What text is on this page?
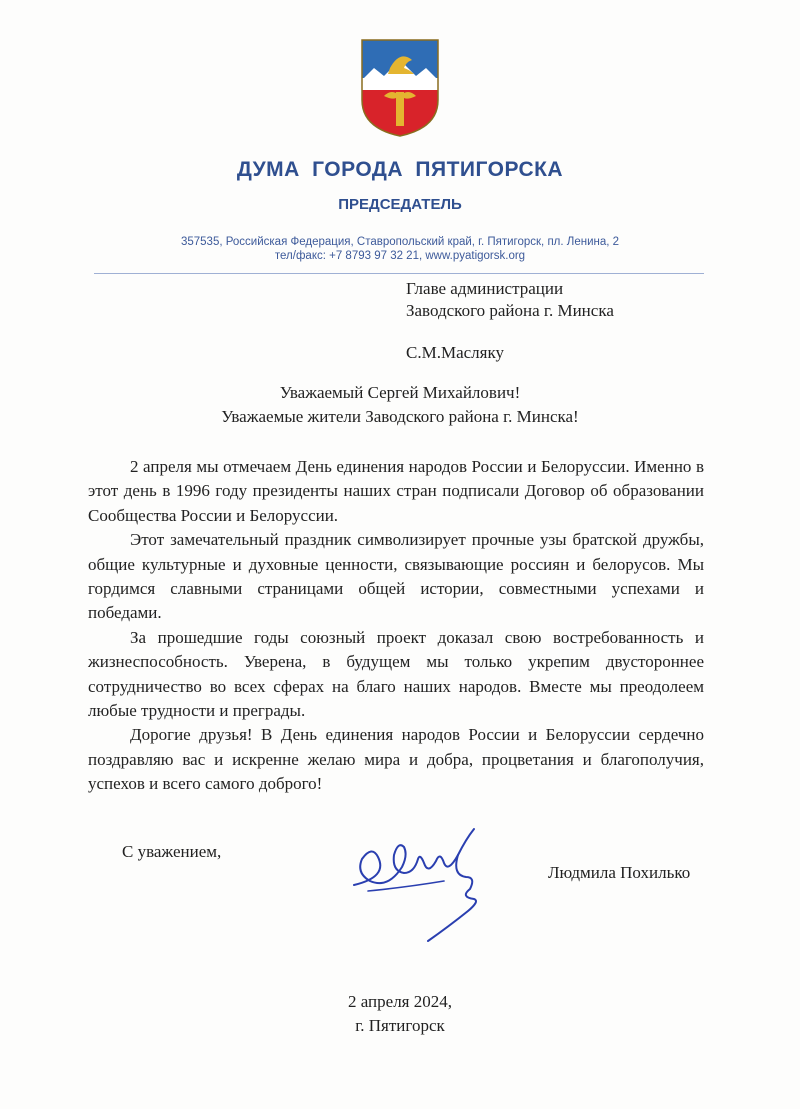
ДУМА ГОРОДА ПЯТИГОРСКА
ПРЕДСЕДАТЕЛЬ
357535, Российская Федерация, Ставропольский край, г. Пятигорск, пл. Ленина, 2
тел/факс: +7 8793 97 32 21, www.pyatigorsk.org
Главе администрации
Заводского района г. Минска
С.М.Масляку
Уважаемый Сергей Михайлович!
Уважаемые жители Заводского района г. Минска!

2 апреля мы отмечаем День единения народов России и Белоруссии. Именно в этот день в 1996 году президенты наших стран подписали Договор об образовании Сообщества России и Белоруссии.

Этот замечательный праздник символизирует прочные узы братской дружбы, общие культурные и духовные ценности, связывающие россиян и белорусов. Мы гордимся славными страницами общей истории, совместными успехами и победами.

За прошедшие годы союзный проект доказал свою востребованность и жизнеспособность. Уверена, в будущем мы только укрепим двустороннее сотрудничество во всех сферах на благо наших народов. Вместе мы преодолеем любые трудности и преграды.

Дорогие друзья! В День единения народов России и Белоруссии сердечно поздравляю вас и искренне желаю мира и добра, процветания и благополучия, успехов и всего самого доброго!

С уважением,
Людмила Похилько
2 апреля 2024,
г. Пятигорск
